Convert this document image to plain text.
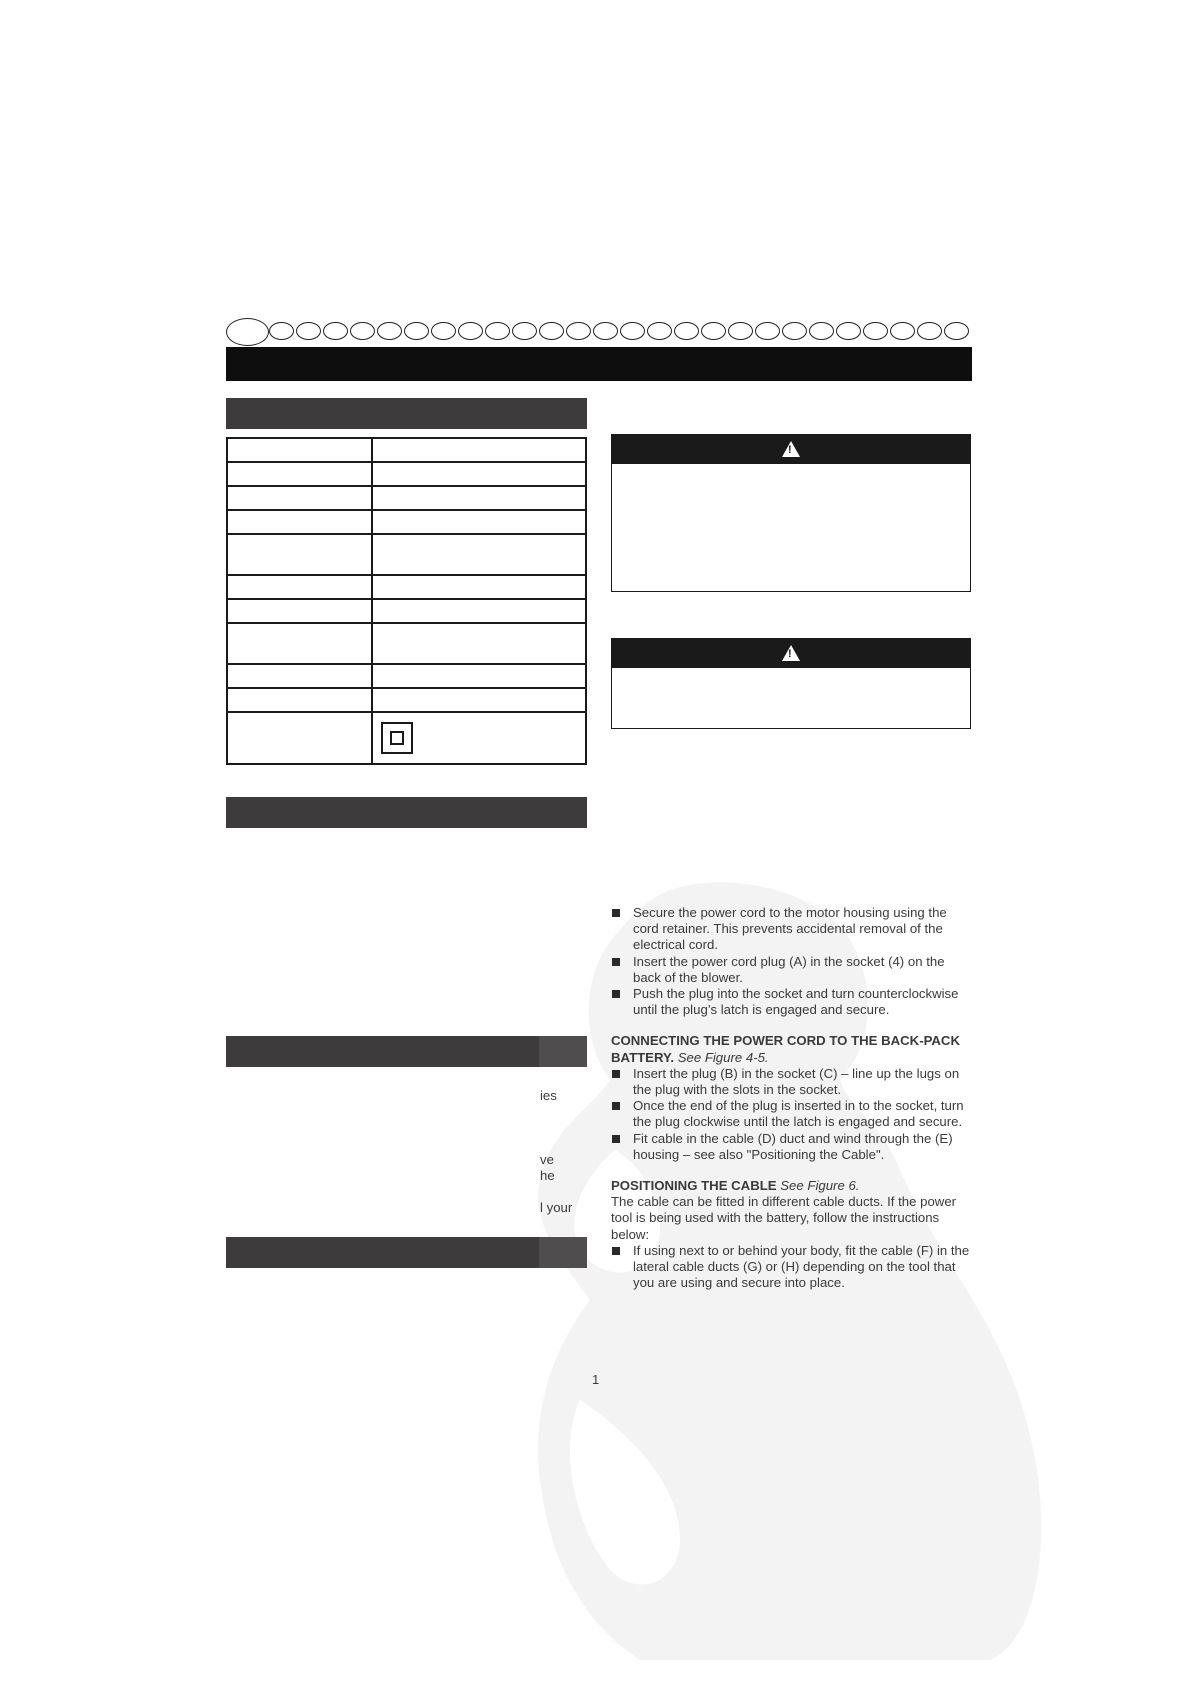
ies
ve
he
l your
!
!

Secure the power cord to the motor housing using the cord retainer. This prevents accidental removal of the electrical cord.

Insert the power cord plug (A) in the socket (4) on the back of the blower.

Push the plug into the socket and turn counterclockwise until the plug’s latch is engaged and secure.

CONNECTING THE POWER CORD TO THE BACK-PACK BATTERY. See Figure 4-5.

Insert the plug (B) in the socket (C) – line up the lugs on the plug with the slots in the socket.

Once the end of the plug is inserted in to the socket, turn the plug clockwise until the latch is engaged and secure.

Fit cable in the cable (D) duct and wind through the (E) housing – see also "Positioning the Cable".

POSITIONING THE CABLE See Figure 6.

The cable can be fitted in different cable ducts. If the power tool is being used with the battery, follow the instructions below:

If using next to or behind your body, fit the cable (F) in the lateral cable ducts (G) or (H) depending on the tool that you are using and secure into place.

1
